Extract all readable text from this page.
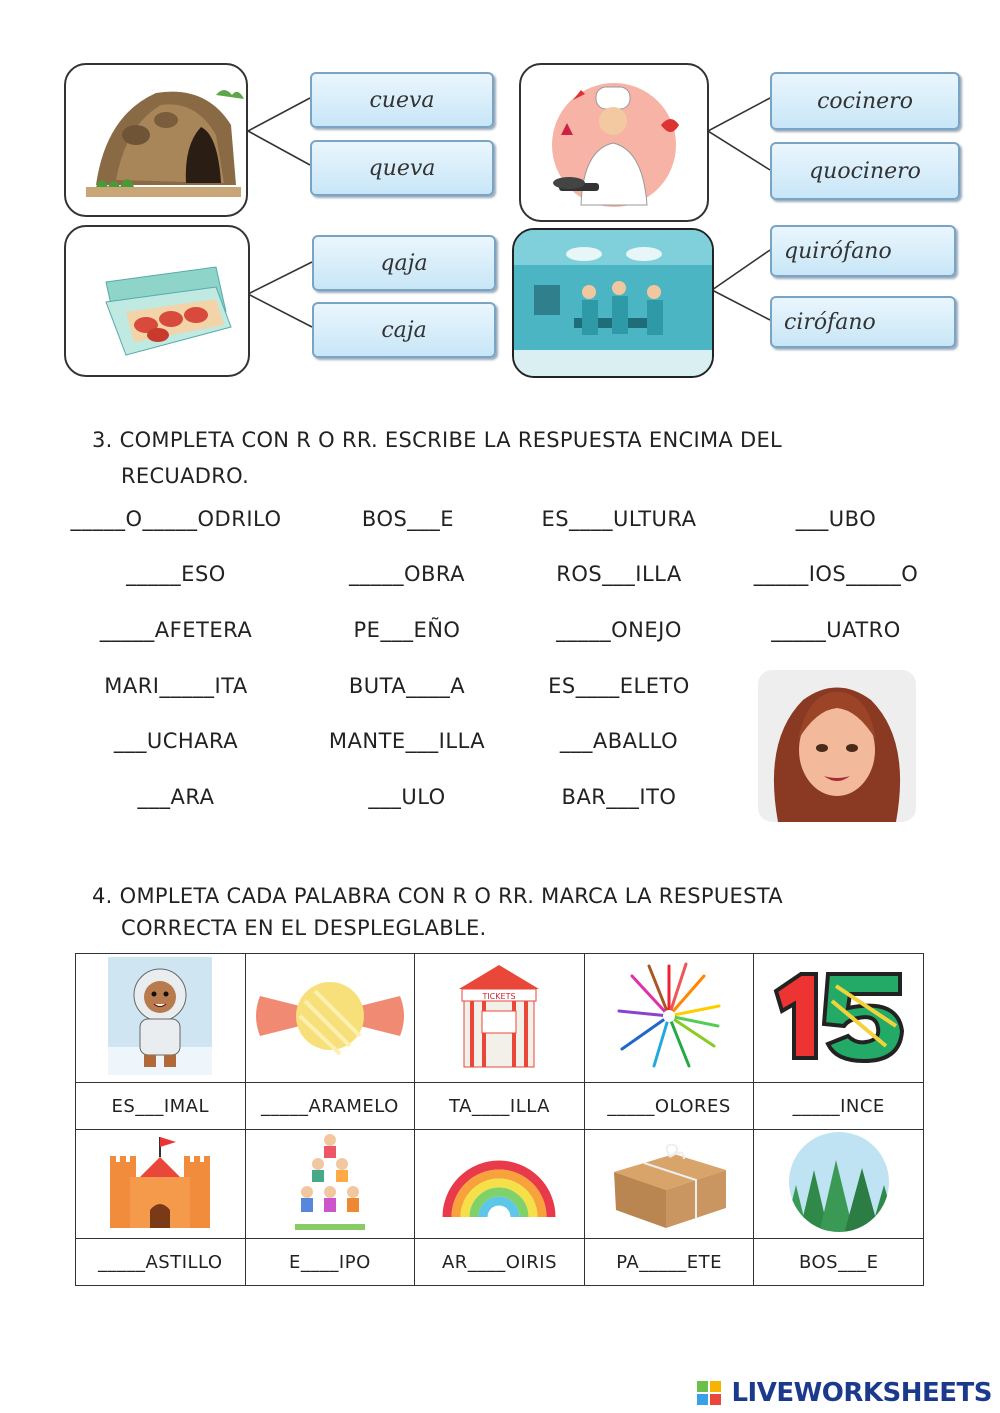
cueva
queva
cocinero
quocinero
qaja
caja
quirófano
cirófano
3. COMPLETA CON R O RR. ESCRIBE LA RESPUESTA ENCIMA DEL
RECUADRO.
_____O_____ODRILO	BOS___E	ES____ULTURA	___UBO
_____ESO	_____OBRA	ROS___ILLA	_____IOS_____O
_____AFETERA	PE___EÑO	_____ONEJO	_____UATRO
MARI_____ITA	BUTA____A	ES____ELETO
___UCHARA	MANTE___ILLA	___ABALLO
___ARA	___ULO	BAR___ITO
4. OMPLETA CADA PALABRA CON R O RR. MARCA LA RESPUESTA
CORRECTA EN EL DESPLEGLABLE.

TICKETS

ES___IMAL	_____ARAMELO	TA____ILLA	_____OLORES	_____INCE

_____ASTILLO	E____IPO	AR____OIRIS	PA_____ETE	BOS___E
LIVEWORKSHEETS
